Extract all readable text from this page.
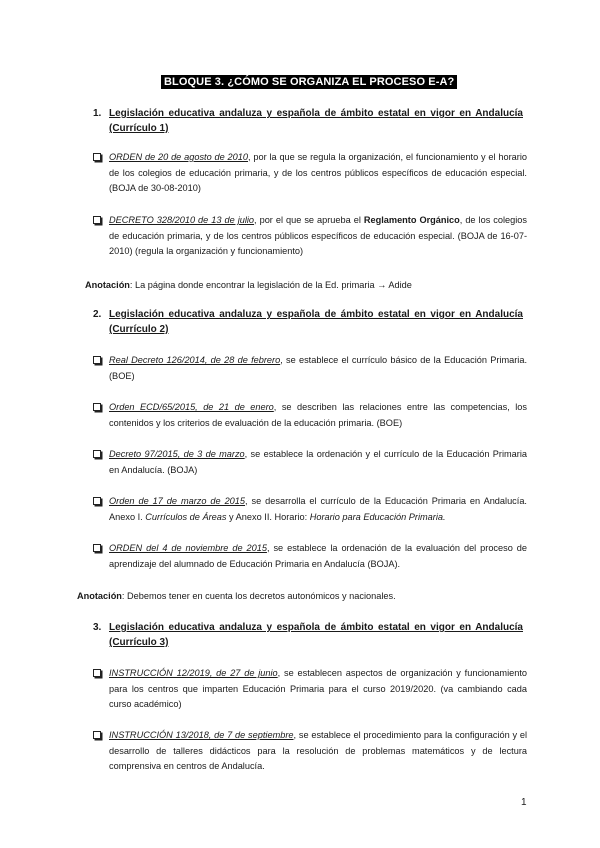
BLOQUE 3. ¿CÓMO SE ORGANIZA EL PROCESO E-A?
1. Legislación educativa andaluza y española de ámbito estatal en vigor en Andalucía (Currículo 1)
ORDEN de 20 de agosto de 2010, por la que se regula la organización, el funcionamiento y el horario de los colegios de educación primaria, y de los centros públicos específicos de educación especial. (BOJA de 30-08-2010)
DECRETO 328/2010 de 13 de julio, por el que se aprueba el Reglamento Orgánico, de los colegios de educación primaria, y de los centros públicos específicos de educación especial. (BOJA de 16-07-2010) (regula la organización y funcionamiento)
Anotación: La página donde encontrar la legislación de la Ed. primaria → Adide
2. Legislación educativa andaluza y española de ámbito estatal en vigor en Andalucía (Currículo 2)
Real Decreto 126/2014, de 28 de febrero, se establece el currículo básico de la Educación Primaria. (BOE)
Orden ECD/65/2015, de 21 de enero, se describen las relaciones entre las competencias, los contenidos y los criterios de evaluación de la educación primaria. (BOE)
Decreto 97/2015, de 3 de marzo, se establece la ordenación y el currículo de la Educación Primaria en Andalucía. (BOJA)
Orden de 17 de marzo de 2015, se desarrolla el currículo de la Educación Primaria en Andalucía. Anexo I. Currículos de Áreas y Anexo II. Horario: Horario para Educación Primaria.
ORDEN del 4 de noviembre de 2015, se establece la ordenación de la evaluación del proceso de aprendizaje del alumnado de Educación Primaria en Andalucía (BOJA).
Anotación: Debemos tener en cuenta los decretos autonómicos y nacionales.
3. Legislación educativa andaluza y española de ámbito estatal en vigor en Andalucía (Currículo 3)
INSTRUCCIÓN 12/2019, de 27 de junio, se establecen aspectos de organización y funcionamiento para los centros que imparten Educación Primaria para el curso 2019/2020. (va cambiando cada curso académico)
INSTRUCCIÓN 13/2018, de 7 de septiembre, se establece el procedimiento para la configuración y el desarrollo de talleres didácticos para la resolución de problemas matemáticos y de lectura comprensiva en centros de Andalucía.
1
